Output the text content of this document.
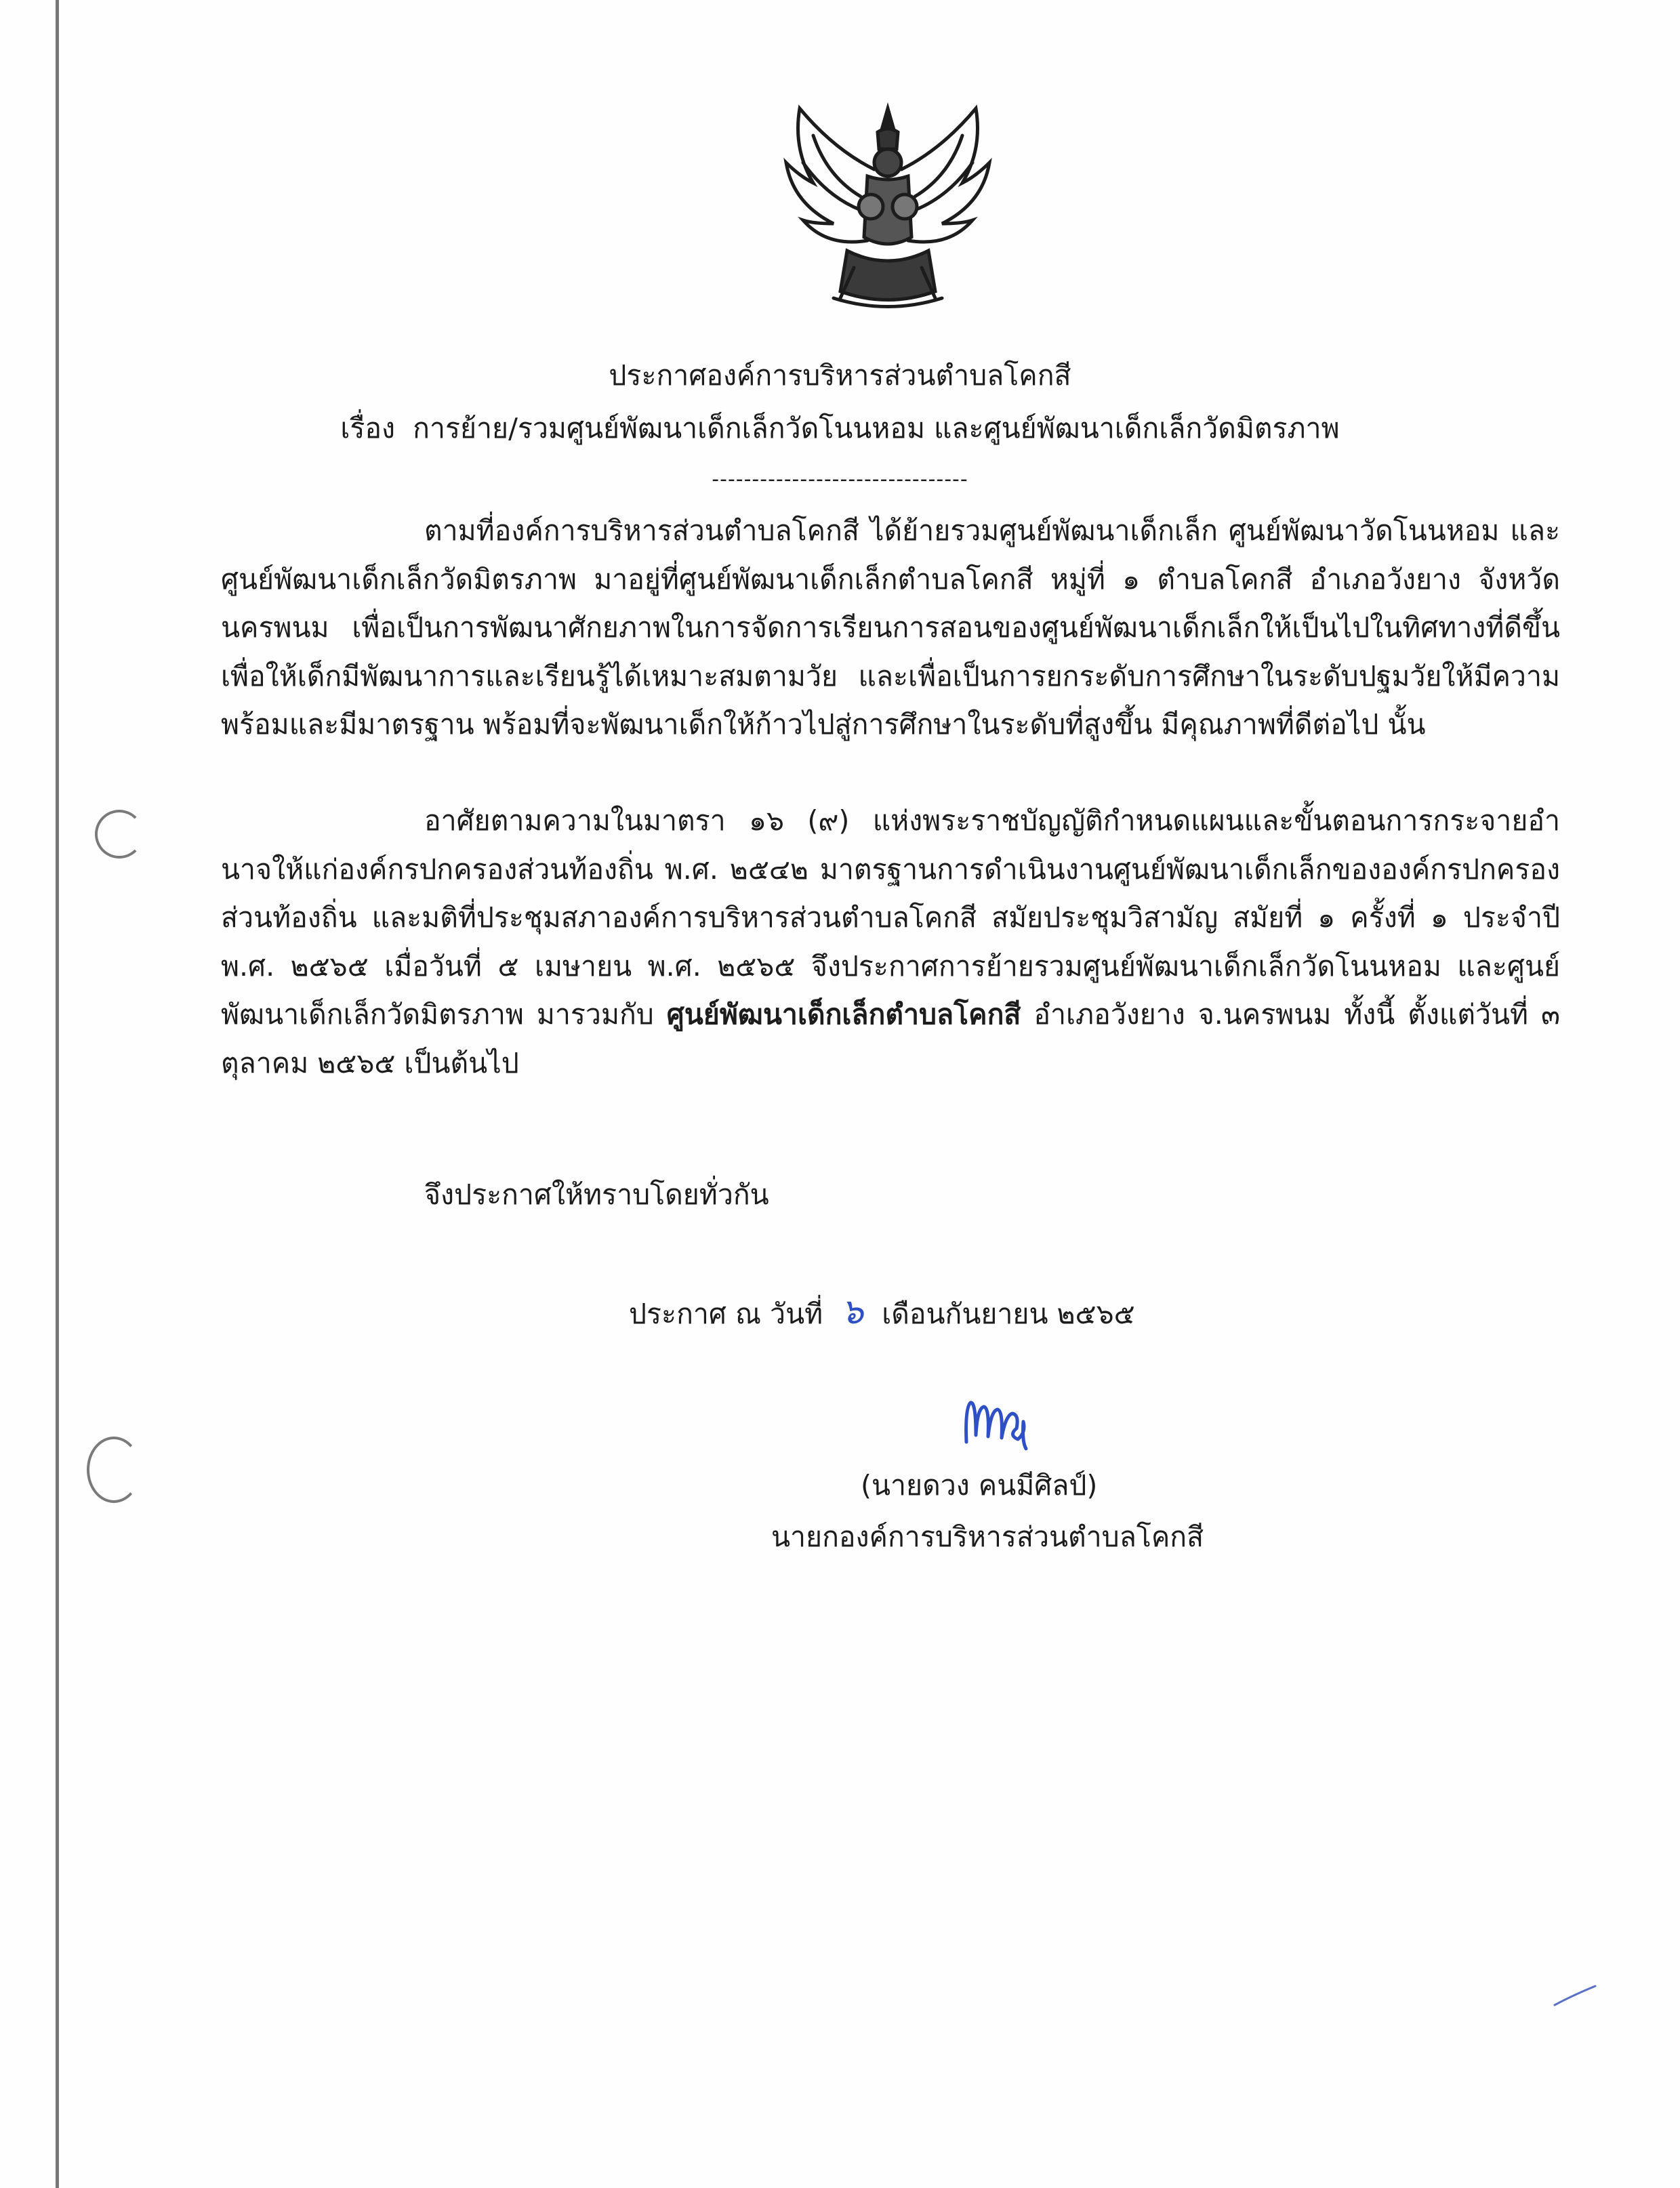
ประกาศองค์การบริหารส่วนตำบลโคกสี
เรื่อง การย้าย/รวมศูนย์พัฒนาเด็กเล็กวัดโนนหอม และศูนย์พัฒนาเด็กเล็กวัดมิตรภาพ
--------------------------------
ตามที่องค์การบริหารส่วนตำบลโคกสี ได้ย้ายรวมศูนย์พัฒนาเด็กเล็ก ศูนย์พัฒนาวัดโนนหอม และศูนย์พัฒนาเด็กเล็กวัดมิตรภาพ มาอยู่ที่ศูนย์พัฒนาเด็กเล็กตำบลโคกสี หมู่ที่ ๑ ตำบลโคกสี อำเภอวังยาง จังหวัดนครพนม เพื่อเป็นการพัฒนาศักยภาพในการจัดการเรียนการสอนของศูนย์พัฒนาเด็กเล็กให้เป็นไปในทิศทางที่ดีขึ้น เพื่อให้เด็กมีพัฒนาการและเรียนรู้ได้เหมาะสมตามวัย และเพื่อเป็นการยกระดับการศึกษาในระดับปฐมวัยให้มีความพร้อมและมีมาตรฐาน พร้อมที่จะพัฒนาเด็กให้ก้าวไปสู่การศึกษาในระดับที่สูงขึ้น มีคุณภาพที่ดีต่อไป นั้น
อาศัยตามความในมาตรา ๑๖ (๙) แห่งพระราชบัญญัติกำหนดแผนและขั้นตอนการกระจายอำนาจให้แก่องค์กรปกครองส่วนท้องถิ่น พ.ศ. ๒๕๔๒ มาตรฐานการดำเนินงานศูนย์พัฒนาเด็กเล็กขององค์กรปกครองส่วนท้องถิ่น และมติที่ประชุมสภาองค์การบริหารส่วนตำบลโคกสี สมัยประชุมวิสามัญ สมัยที่ ๑ ครั้งที่ ๑ ประจำปี พ.ศ. ๒๕๖๕ เมื่อวันที่ ๕ เมษายน พ.ศ. ๒๕๖๕ จึงประกาศการย้ายรวมศูนย์พัฒนาเด็กเล็กวัดโนนหอม และศูนย์พัฒนาเด็กเล็กวัดมิตรภาพ มารวมกับ ศูนย์พัฒนาเด็กเล็กตำบลโคกสี อำเภอวังยาง จ.นครพนม ทั้งนี้ ตั้งแต่วันที่ ๓ ตุลาคม ๒๕๖๕ เป็นต้นไป
จึงประกาศให้ทราบโดยทั่วกัน
ประกาศ ณ วันที่ ๖ เดือนกันยายน ๒๕๖๕
(นายดวง คนมีศิลป์)
นายกองค์การบริหารส่วนตำบลโคกสี
